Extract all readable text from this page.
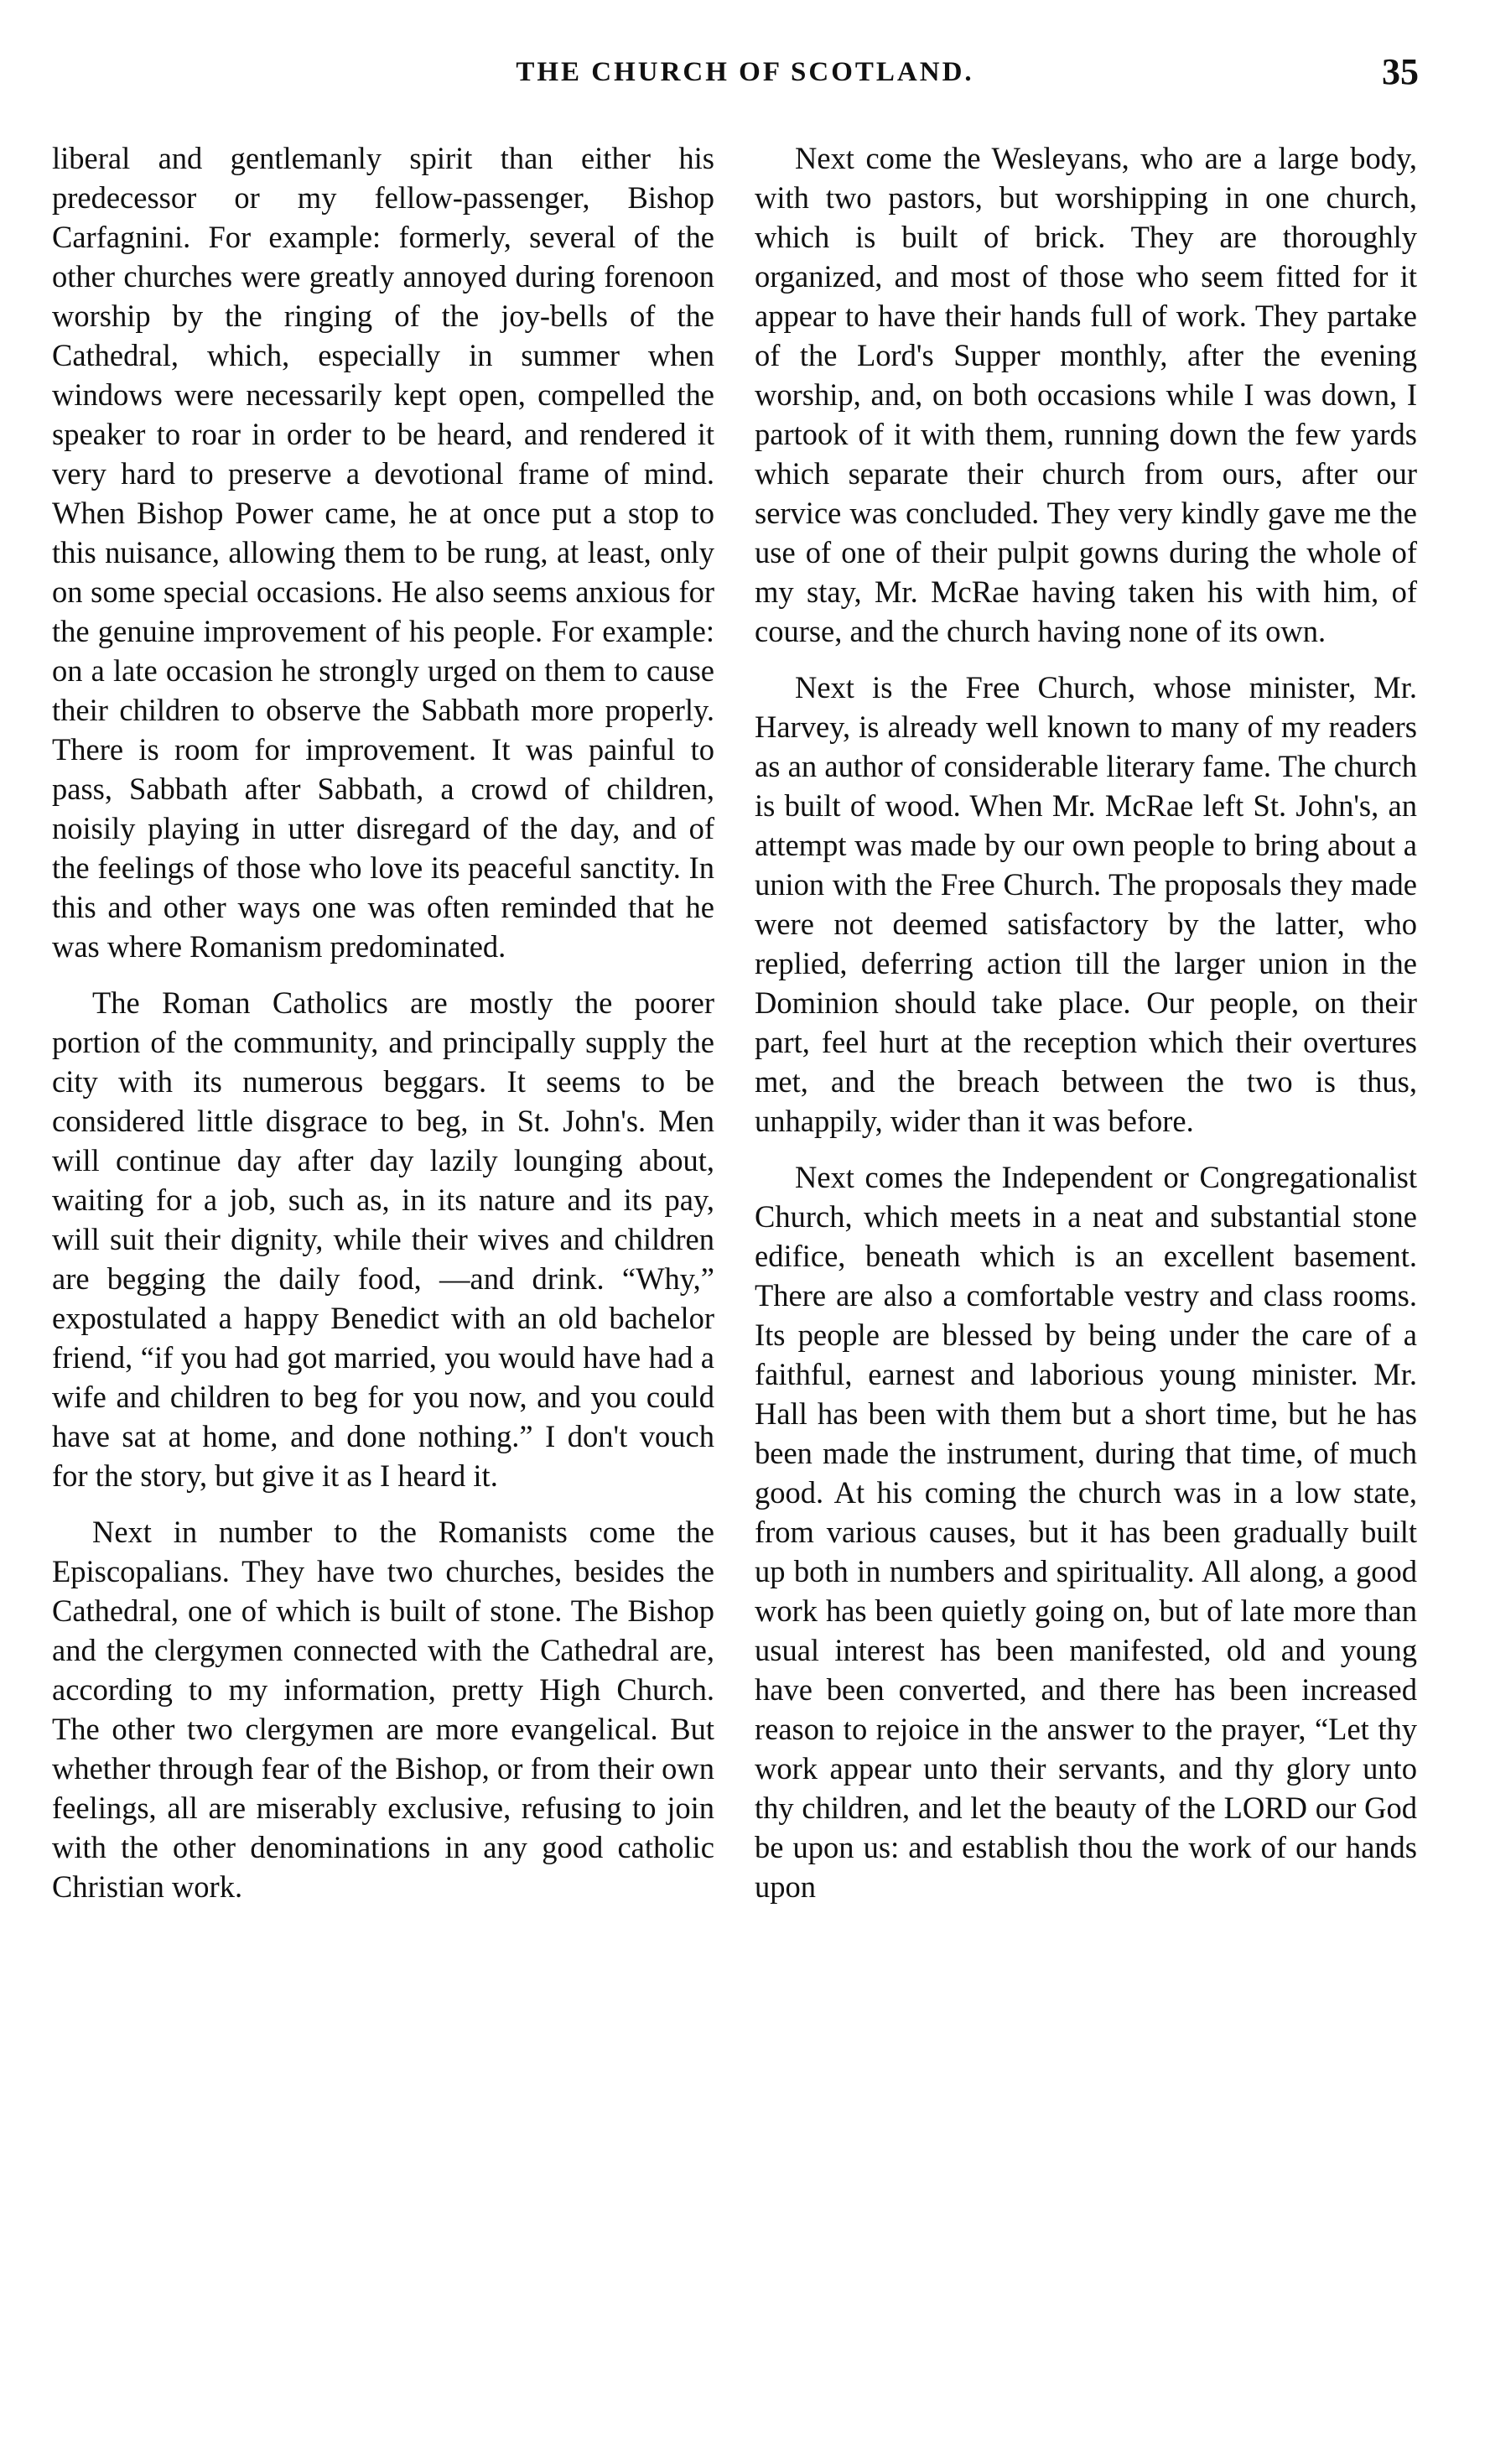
THE CHURCH OF SCOTLAND.	35

liberal and gentlemanly spirit than either his predecessor or my fellow-passenger, Bishop Carfagnini. For example: formerly, several of the other churches were greatly annoyed during forenoon worship by the ringing of the joy-bells of the Cathedral, which, especially in summer when windows were necessarily kept open, compelled the speaker to roar in order to be heard, and rendered it very hard to preserve a devotional frame of mind. When Bishop Power came, he at once put a stop to this nuisance, allowing them to be rung, at least, only on some special occasions. He also seems anxious for the genuine improvement of his people. For example: on a late occasion he strongly urged on them to cause their children to observe the Sabbath more properly. There is room for improvement. It was painful to pass, Sabbath after Sabbath, a crowd of children, noisily playing in utter disregard of the day, and of the feelings of those who love its peaceful sanctity. In this and other ways one was often reminded that he was where Romanism predominated.

The Roman Catholics are mostly the poorer portion of the community, and principally supply the city with its numerous beggars. It seems to be considered little disgrace to beg, in St. John's. Men will continue day after day lazily lounging about, waiting for a job, such as, in its nature and its pay, will suit their dignity, while their wives and children are begging the daily food, —and drink. “Why,” expostulated a happy Benedict with an old bachelor friend, “if you had got married, you would have had a wife and children to beg for you now, and you could have sat at home, and done nothing.” I don't vouch for the story, but give it as I heard it.

Next in number to the Romanists come the Episcopalians. They have two churches, besides the Cathedral, one of which is built of stone. The Bishop and the clergymen connected with the Cathedral are, according to my information, pretty High Church. The other two clergymen are more evangelical. But whether through fear of the Bishop, or from their own feelings, all are miserably exclusive, refusing to join with the other denominations in any good catholic Christian work.

Next come the Wesleyans, who are a large body, with two pastors, but worshipping in one church, which is built of brick. They are thoroughly organized, and most of those who seem fitted for it appear to have their hands full of work. They partake of the Lord's Supper monthly, after the evening worship, and, on both occasions while I was down, I partook of it with them, running down the few yards which separate their church from ours, after our service was concluded. They very kindly gave me the use of one of their pulpit gowns during the whole of my stay, Mr. McRae having taken his with him, of course, and the church having none of its own.

Next is the Free Church, whose minister, Mr. Harvey, is already well known to many of my readers as an author of considerable literary fame. The church is built of wood. When Mr. McRae left St. John's, an attempt was made by our own people to bring about a union with the Free Church. The proposals they made were not deemed satisfactory by the latter, who replied, deferring action till the larger union in the Dominion should take place. Our people, on their part, feel hurt at the reception which their overtures met, and the breach between the two is thus, unhappily, wider than it was before.

Next comes the Independent or Congregationalist Church, which meets in a neat and substantial stone edifice, beneath which is an excellent basement. There are also a comfortable vestry and class rooms. Its people are blessed by being under the care of a faithful, earnest and laborious young minister. Mr. Hall has been with them but a short time, but he has been made the instrument, during that time, of much good. At his coming the church was in a low state, from various causes, but it has been gradually built up both in numbers and spirituality. All along, a good work has been quietly going on, but of late more than usual interest has been manifested, old and young have been converted, and there has been increased reason to rejoice in the answer to the prayer, “Let thy work appear unto their servants, and thy glory unto thy children, and let the beauty of the LORD our God be upon us: and establish thou the work of our hands upon
